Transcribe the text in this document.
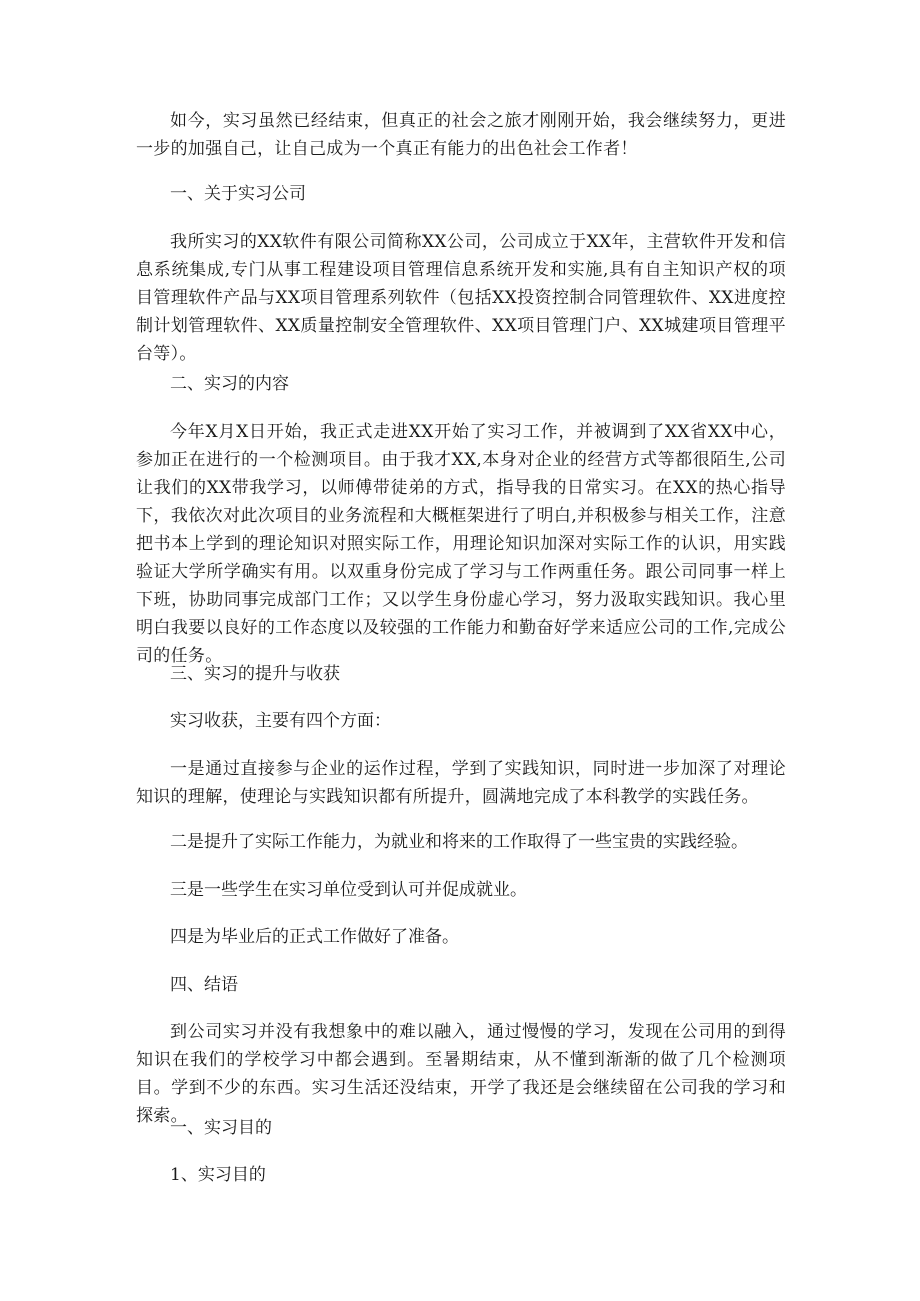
如今，实习虽然已经结束，但真正的社会之旅才刚刚开始，我会继续努力，更进一步的加强自己，让自己成为一个真正有能力的出色社会工作者！

一、关于实习公司

我所实习的XX软件有限公司简称XX公司，公司成立于XX年，主营软件开发和信息系统集成,专门从事工程建设项目管理信息系统开发和实施,具有自主知识产权的项目管理软件产品与XX项目管理系列软件（包括XX投资控制合同管理软件、XX进度控制计划管理软件、XX质量控制安全管理软件、XX项目管理门户、XX城建项目管理平台等）。

二、实习的内容

今年X月X日开始，我正式走进XX开始了实习工作，并被调到了XX省XX中心，参加正在进行的一个检测项目。由于我才XX,本身对企业的经营方式等都很陌生,公司让我们的XX带我学习，以师傅带徒弟的方式，指导我的日常实习。在XX的热心指导下，我依次对此次项目的业务流程和大概框架进行了明白,并积极参与相关工作，注意把书本上学到的理论知识对照实际工作，用理论知识加深对实际工作的认识，用实践验证大学所学确实有用。以双重身份完成了学习与工作两重任务。跟公司同事一样上下班，协助同事完成部门工作；又以学生身份虚心学习，努力汲取实践知识。我心里明白我要以良好的工作态度以及较强的工作能力和勤奋好学来适应公司的工作,完成公司的任务。

三、实习的提升与收获

实习收获，主要有四个方面：

一是通过直接参与企业的运作过程，学到了实践知识，同时进一步加深了对理论知识的理解，使理论与实践知识都有所提升，圆满地完成了本科教学的实践任务。

二是提升了实际工作能力，为就业和将来的工作取得了一些宝贵的实践经验。

三是一些学生在实习单位受到认可并促成就业。

四是为毕业后的正式工作做好了准备。

四、结语

到公司实习并没有我想象中的难以融入，通过慢慢的学习，发现在公司用的到得知识在我们的学校学习中都会遇到。至暑期结束，从不懂到渐渐的做了几个检测项目。学到不少的东西。实习生活还没结束，开学了我还是会继续留在公司我的学习和探索。

一、实习目的

1、实习目的
